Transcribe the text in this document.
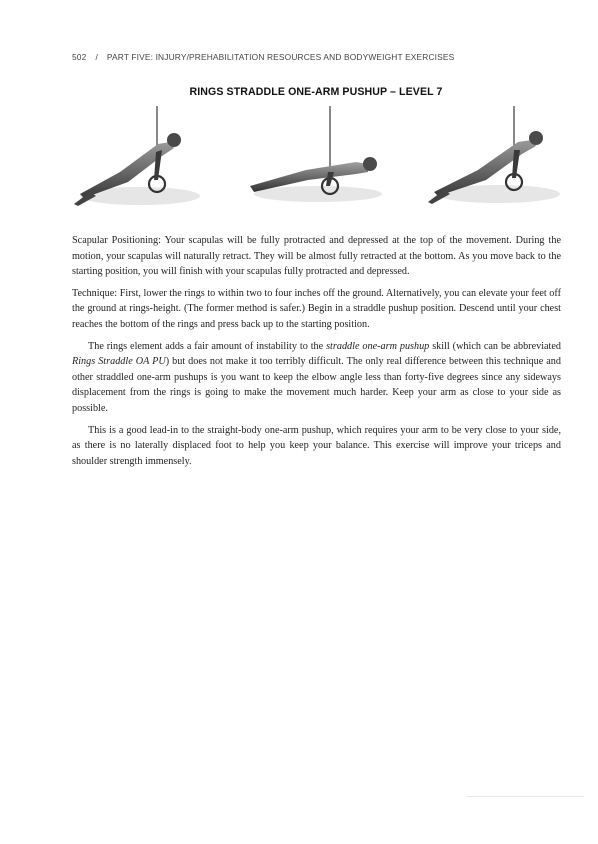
502 / PART FIVE: INJURY/PREHABILITATION RESOURCES AND BODYWEIGHT EXERCISES
RINGS STRADDLE ONE-ARM PUSHUP – LEVEL 7

Scapular Positioning: Your scapulas will be fully protracted and depressed at the top of the movement. During the motion, your scapulas will naturally retract. They will be almost fully retracted at the bottom. As you move back to the starting position, you will finish with your scapulas fully protracted and depressed.

Technique: First, lower the rings to within two to four inches off the ground. Alternatively, you can elevate your feet off the ground at rings-height. (The former method is safer.) Begin in a straddle pushup position. Descend until your chest reaches the bottom of the rings and press back up to the starting position.

The rings element adds a fair amount of instability to the straddle one-arm pushup skill (which can be abbreviated Rings Straddle OA PU) but does not make it too terribly difficult. The only real difference between this technique and other straddled one-arm pushups is you want to keep the elbow angle less than forty-five degrees since any sideways displacement from the rings is going to make the movement much harder. Keep your arm as close to your side as possible.

This is a good lead-in to the straight-body one-arm pushup, which requires your arm to be very close to your side, as there is no laterally displaced foot to help you keep your balance. This exercise will improve your triceps and shoulder strength immensely.
